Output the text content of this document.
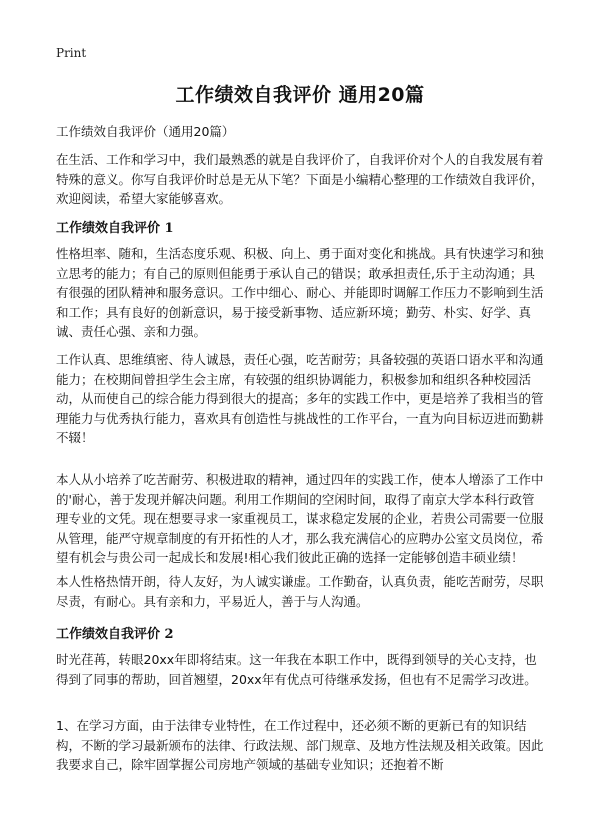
Print
工作绩效自我评价 通用20篇
工作绩效自我评价（通用20篇）

在生活、工作和学习中，我们最熟悉的就是自我评价了，自我评价对个人的自我发展有着特殊的意义。你写自我评价时总是无从下笔？下面是小编精心整理的工作绩效自我评价，欢迎阅读，希望大家能够喜欢。

工作绩效自我评价 1

性格坦率、随和，生活态度乐观、积极、向上、勇于面对变化和挑战。具有快速学习和独立思考的能力；有自己的原则但能勇于承认自己的错误；敢承担责任,乐于主动沟通；具有很强的团队精神和服务意识。工作中细心、耐心、并能即时调解工作压力不影响到生活和工作；具有良好的创新意识，易于接受新事物、适应新环境；勤劳、朴实、好学、真诚、责任心强、亲和力强。

工作认真、思维缜密、待人诚恳，责任心强，吃苦耐劳；具备较强的英语口语水平和沟通能力；在校期间曾担学生会主席，有较强的组织协调能力，积极参加和组织各种校园活动，从而使自己的综合能力得到很大的提高；多年的实践工作中，更是培养了我相当的管理能力与优秀执行能力，喜欢具有创造性与挑战性的工作平台，一直为向目标迈进而勤耕不辍！

本人从小培养了吃苦耐劳、积极进取的精神，通过四年的实践工作，使本人增添了工作中的'耐心，善于发现并解决问题。利用工作期间的空闲时间，取得了南京大学本科行政管理专业的文凭。现在想要寻求一家重视员工，谋求稳定发展的企业，若贵公司需要一位服从管理，能严守规章制度的有开拓性的人才，那么我充满信心的应聘办公室文员岗位，希望有机会与贵公司一起成长和发展!相心我们彼此正确的选择一定能够创造丰硕业绩！

本人性格热情开朗，待人友好，为人诚实谦虚。工作勤奋，认真负责，能吃苦耐劳，尽职尽责，有耐心。具有亲和力，平易近人，善于与人沟通。

工作绩效自我评价 2

时光荏苒，转眼20xx年即将结束。这一年我在本职工作中，既得到领导的关心支持，也得到了同事的帮助，回首翘望，20xx年有优点可待继承发扬，但也有不足需学习改进。

1、在学习方面，由于法律专业特性，在工作过程中，还必须不断的更新已有的知识结构，不断的学习最新颁布的法律、行政法规、部门规章、及地方性法规及相关政策。因此我要求自己，除牢固掌握公司房地产领域的基础专业知识；还抱着不断
